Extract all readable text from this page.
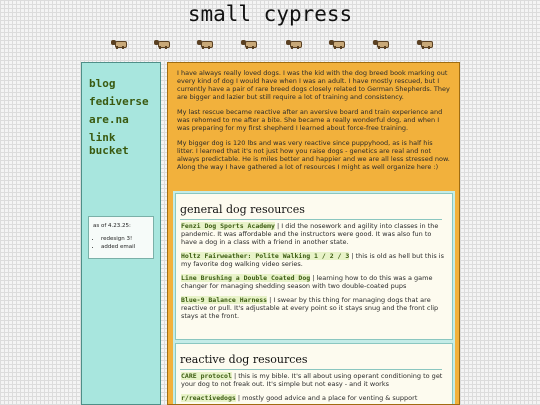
small cypress
blog
fediverse
are.na
link bucket
as of 4.23.25:
• redesign 3!
• added email

I have always really loved dogs. I was the kid with the dog breed book marking out every kind of dog I would have when I was an adult. I have mostly rescued, but I currently have a pair of rare breed dogs closely related to German Shepherds. They are bigger and lazier but still require a lot of training and consistency.

My last rescue became reactive after an aversive board and train experience and was rehomed to me after a bite. She became a really wonderful dog, and when I was preparing for my first shepherd I learned about force-free training.

My bigger dog is 120 lbs and was very reactive since puppyhood, as is half his litter. I learned that it's not just how you raise dogs - genetics are real and not always predictable. He is miles better and happier and we are all less stressed now. Along the way I have gathered a lot of resources I might as well organize here :)

general dog resources
Fenzi Dog Sports Academy | I did the nosework and agility into classes in the pandemic. It was affordable and the instructors were good. It was also fun to have a dog in a class with a friend in another state.
Holtz Fairweather: Polite Walking 1 / 2 / 3 | this is old as hell but this is my favorite dog walking video series.
Line Brushing a Double Coated Dog | learning how to do this was a game changer for managing shedding season with two double-coated pups
Blue-9 Balance Harness | I swear by this thing for managing dogs that are reactive or pull. It's adjustable at every point so it stays snug and the front clip stays at the front.
reactive dog resources
CARE protocol | this is my bible. It's all about using operant conditioning to get your dog to not freak out. It's simple but not easy - and it works
r/reactivedogs | mostly good advice and a place for venting & support
